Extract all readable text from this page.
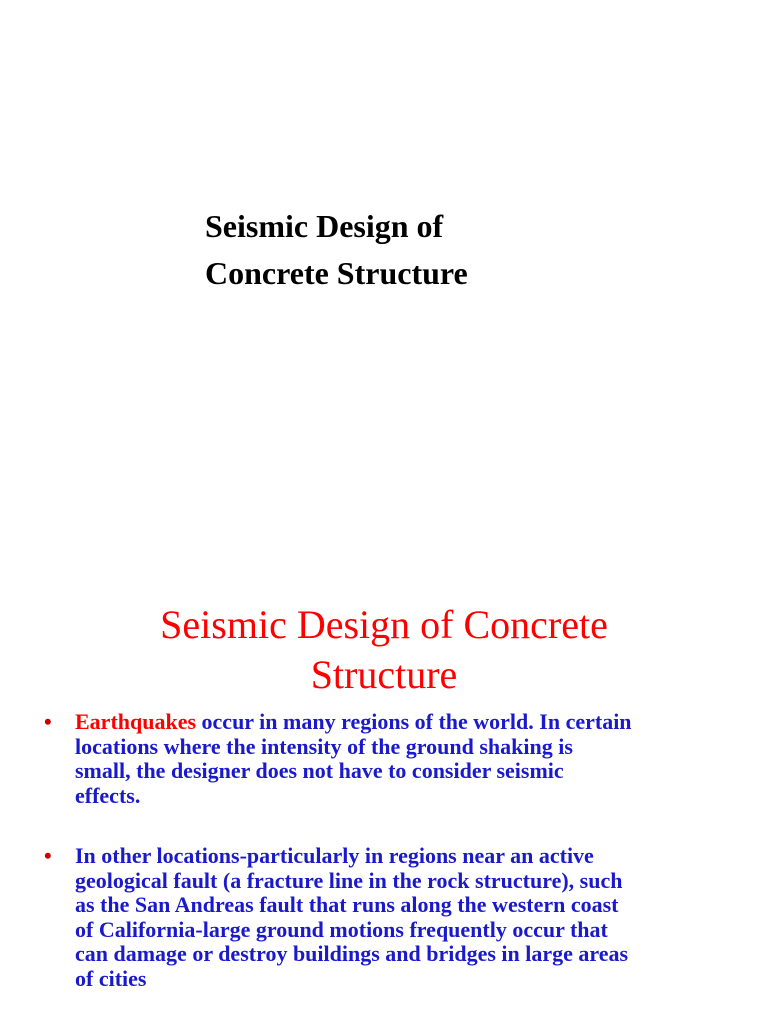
Seismic Design of
Concrete Structure
Seismic Design of Concrete
Structure
• Earthquakes occur in many regions of the world. In certain
locations where the intensity of the ground shaking is
small, the designer does not have to consider seismic
effects.
• In other locations-particularly in regions near an active
geological fault (a fracture line in the rock structure), such
as the San Andreas fault that runs along the western coast
of California-large ground motions frequently occur that
can damage or destroy buildings and bridges in large areas
of cities
